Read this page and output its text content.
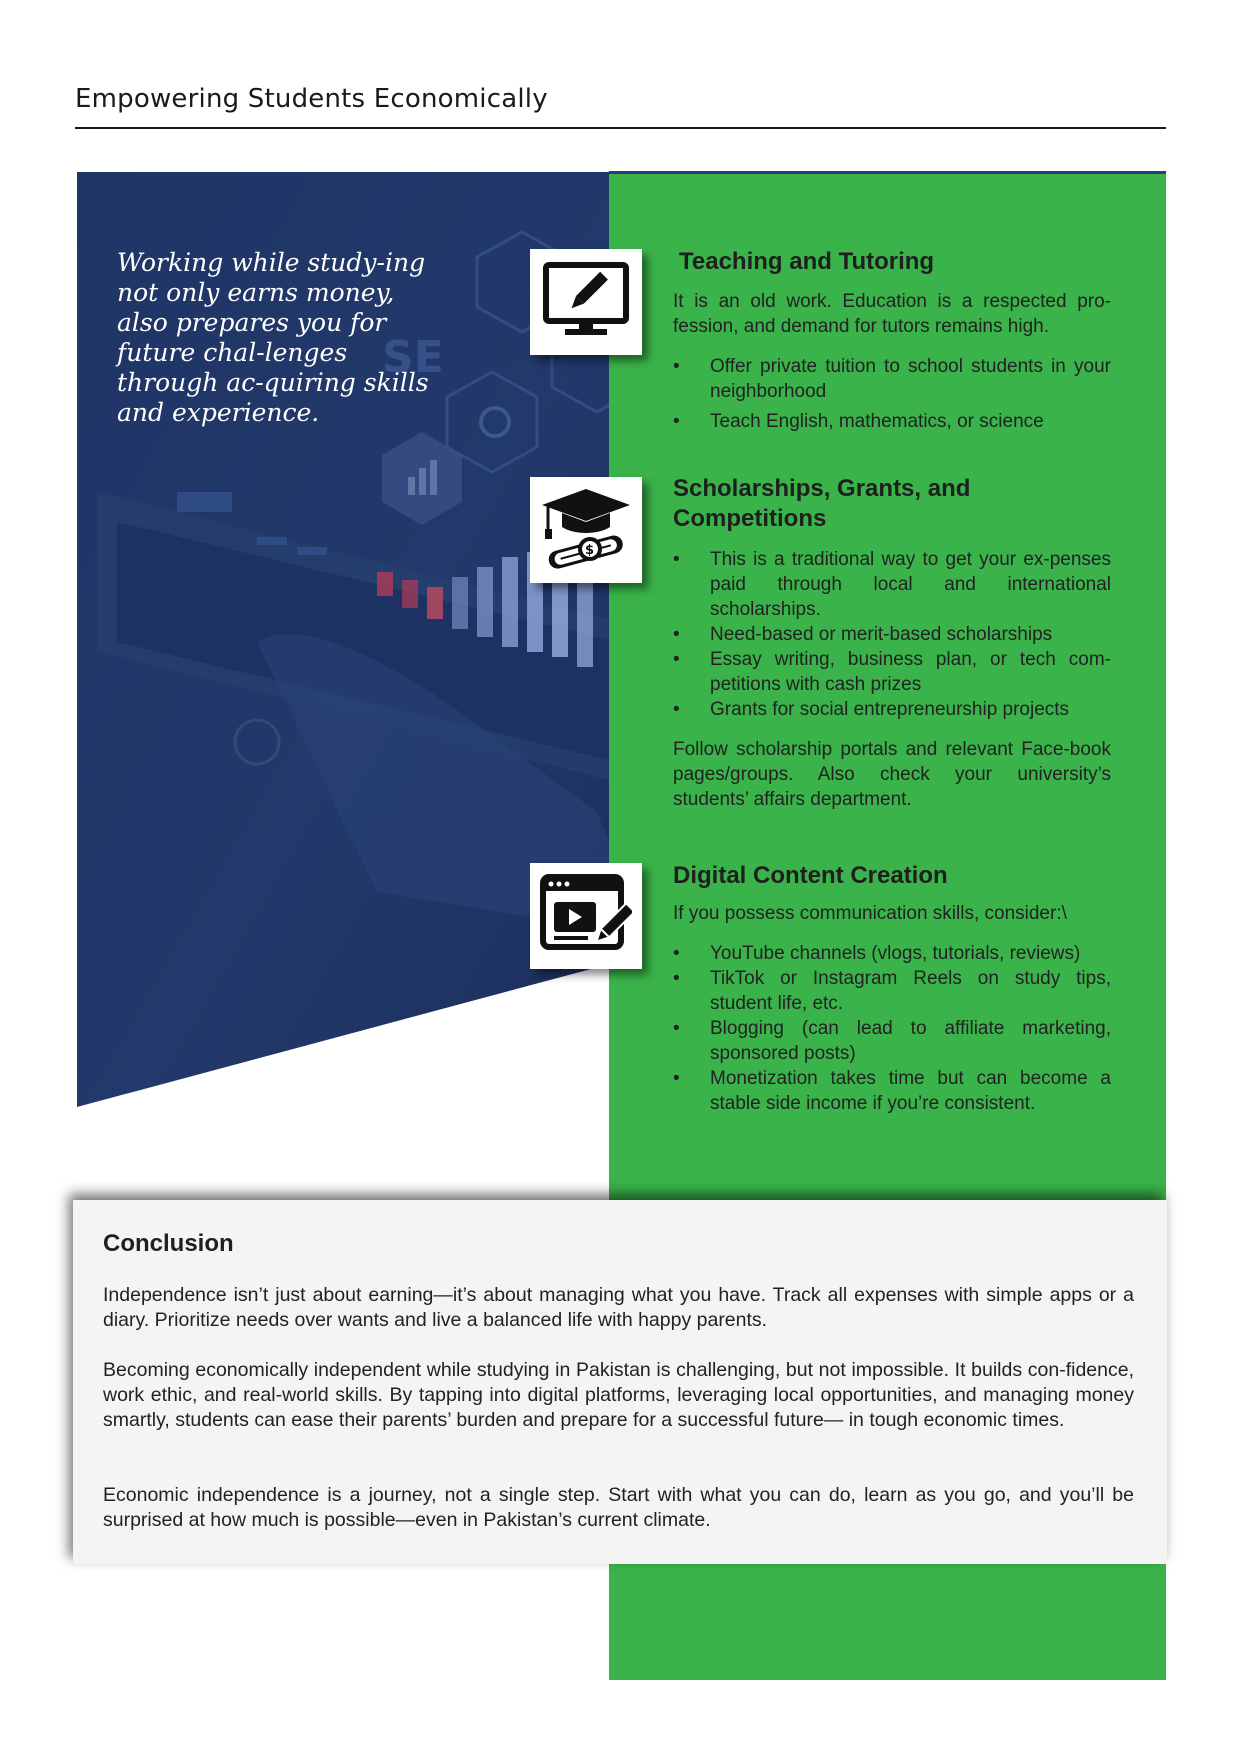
Empowering Students Economically
SE
Working while study-ing not only earns money, also prepares you for future chal-lenges through ac-quiring skills and experience.
$
Teaching and Tutoring

It is an old work. Education is a respected pro-fession, and demand for tutors remains high.

• Offer private tuition to school students in your neighborhood
• Teach English, mathematics, or science
Scholarships, Grants, and Competitions
• This is a traditional way to get your ex-penses paid through local and international scholarships.
• Need-based or merit-based scholarships
• Essay writing, business plan, or tech com-petitions with cash prizes
• Grants for social entrepreneurship projects

Follow scholarship portals and relevant Face-book pages/groups. Also check your university’s students’ affairs department.

Digital Content Creation

If you possess communication skills, consider:\

• YouTube channels (vlogs, tutorials, reviews)
• TikTok or Instagram Reels on study tips, student life, etc.
• Blogging (can lead to affiliate marketing, sponsored posts)
• Monetization takes time but can become a stable side income if you’re consistent.
Conclusion

Independence isn’t just about earning—it’s about managing what you have. Track all expenses with simple apps or a diary. Prioritize needs over wants and live a balanced life with happy parents.

Becoming economically independent while studying in Pakistan is challenging, but not impossible. It builds con-fidence, work ethic, and real-world skills. By tapping into digital platforms, leveraging local opportunities, and managing money smartly, students can ease their parents’ burden and prepare for a successful future— in tough economic times.

Economic independence is a journey, not a single step. Start with what you can do, learn as you go, and you’ll be surprised at how much is possible—even in Pakistan’s current climate.
